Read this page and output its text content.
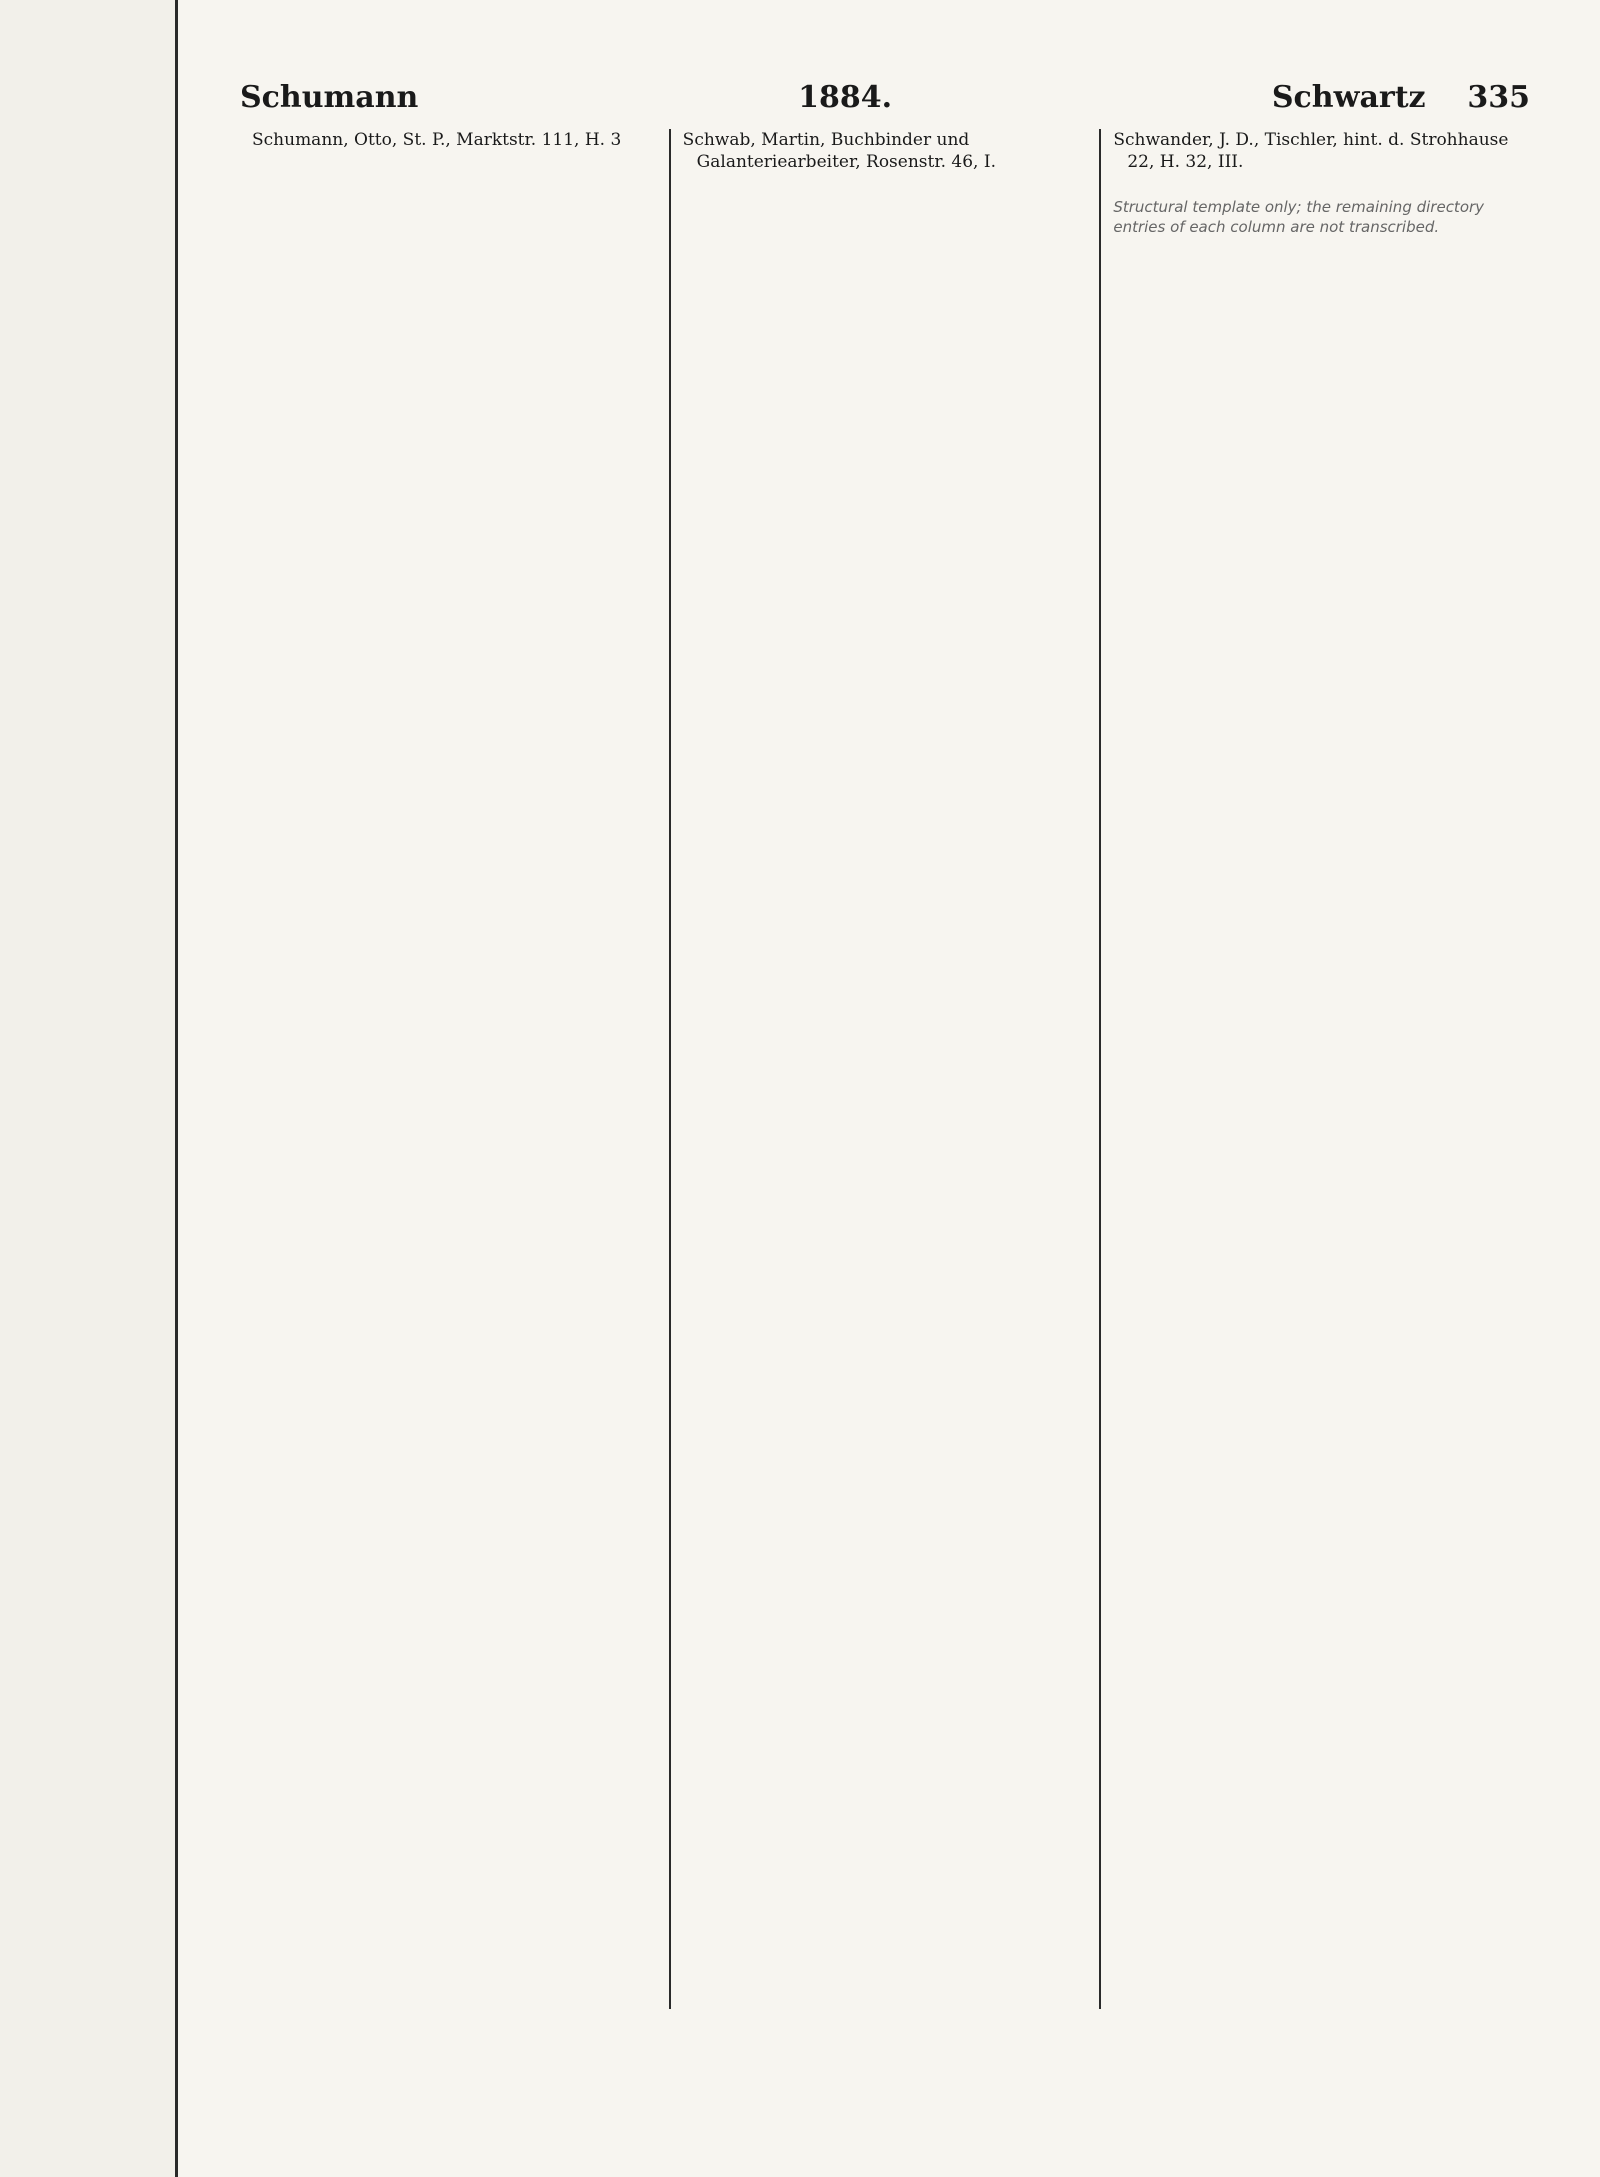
Schumann	1884.	Schwartz 335

Schumann, Otto, St. P., Marktstr. 111, H. 3	Schwab, Martin, Buchbinder und Galanteriearbeiter, Rosenstr. 46, I.

Schwander, J. D., Tischler, hint. d. Strohhause 22, H. 32, III.

Structural template only; the remaining directory entries of each column are not transcribed.
